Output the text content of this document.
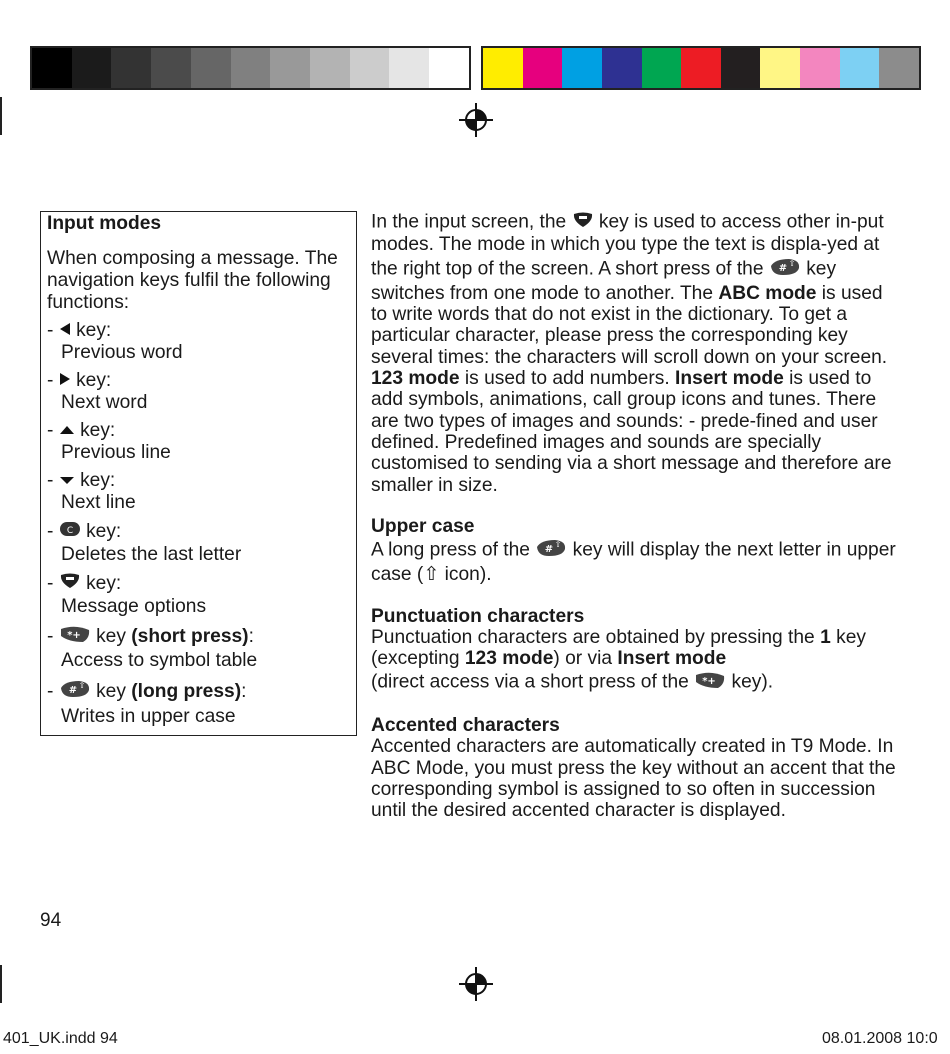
Input modes

When composing a message. The navigation keys fulfil the following functions:

-  key:
Previous word
-  key:
Next word
-  key:
Previous line
-  key:
Next line
- C key:
Deletes the last letter
-  key:
Message options
- *+ key (short press):
Access to symbol table
- # ⇧ key (long press):
Writes in upper case

In the input screen, the key is used to access other in-put modes. The mode in which you type the text is displa-yed at the right top of the screen. A short press of the # ⇧ key switches from one mode to another. The ABC mode is used to write words that do not exist in the dictionary. To get a particular character, please press the corresponding key several times: the characters will scroll down on your screen. 123 mode is used to add numbers. Insert mode is used to add symbols, animations, call group icons and tunes. There are two types of images and sounds: - prede-fined and user defined. Predefined images and sounds are specially customised to sending via a short message and therefore are smaller in size.

Upper case

A long press of the # ⇧ key will display the next letter in upper case (⇧ icon).

Punctuation characters

Punctuation characters are obtained by pressing the 1 key (excepting 123 mode) or via Insert mode
(direct access via a short press of the *+ key).

Accented characters

Accented characters are automatically created in T9 Mode. In ABC Mode, you must press the key without an accent that the corresponding symbol is assigned to so often in succession until the desired accented character is displayed.

94
401_UK.indd 94	08.01.2008 10:0
